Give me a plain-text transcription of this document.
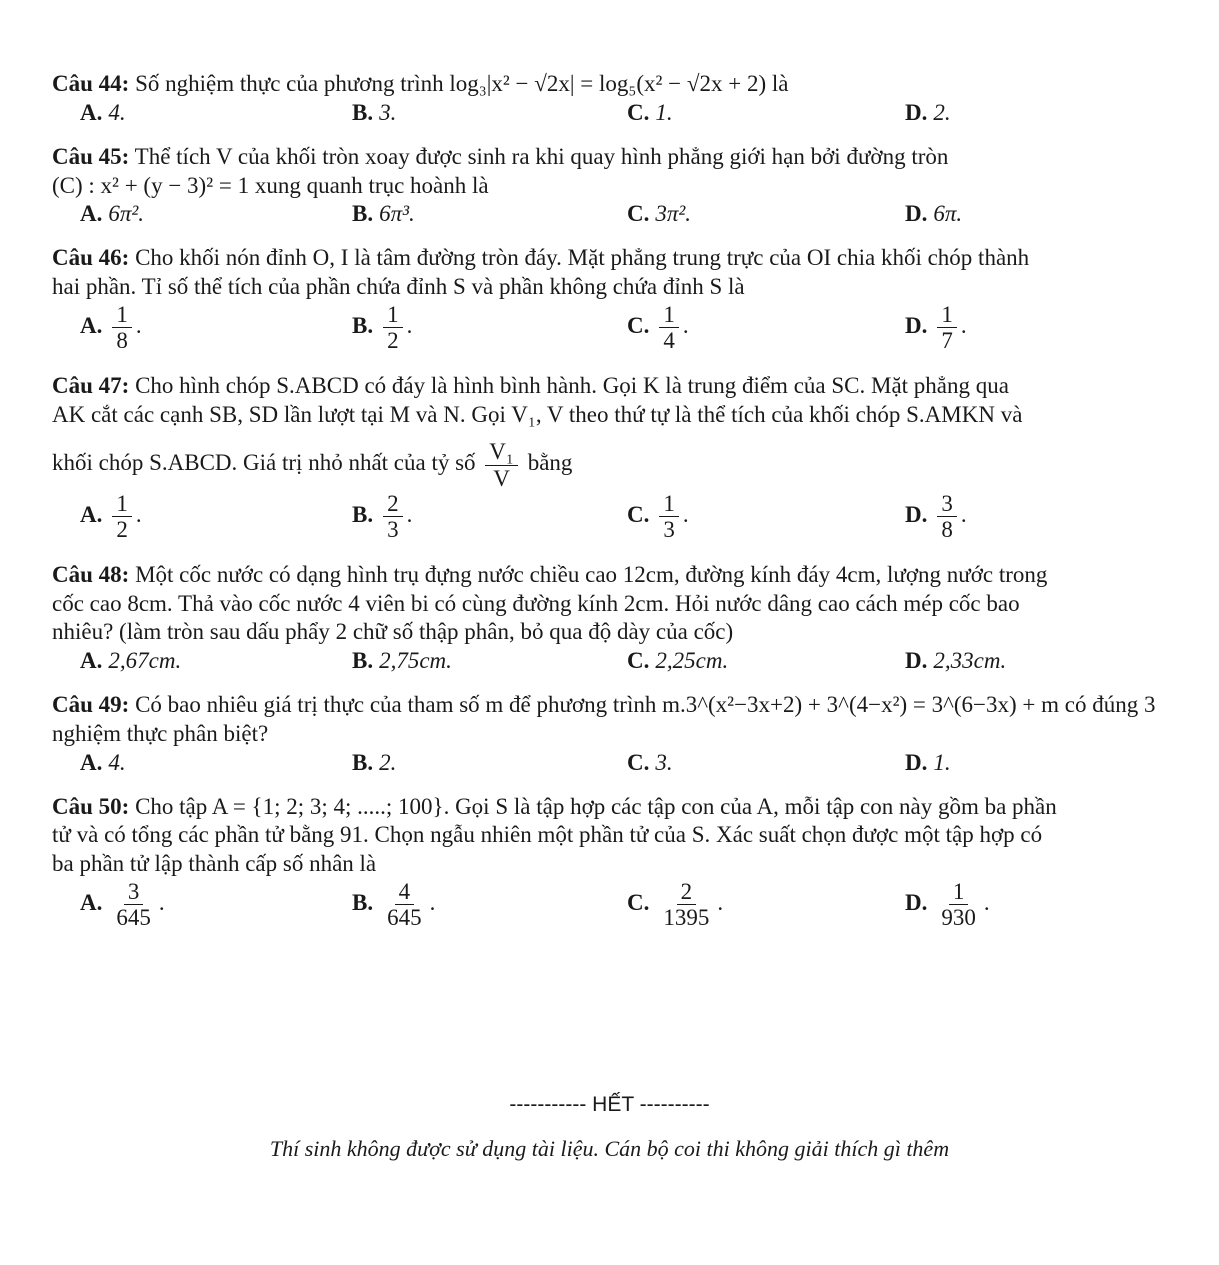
Câu 44: Số nghiệm thực của phương trình log₃|x² − √2x| = log₅(x² − √2x + 2) là
A. 4.	B. 3.	C. 1.	D. 2.
Câu 45: Thể tích V của khối tròn xoay được sinh ra khi quay hình phẳng giới hạn bởi đường tròn
(C) : x² + (y − 3)² = 1 xung quanh trục hoành là
A. 6π².	B. 6π³.	C. 3π².	D. 6π.
Câu 46: Cho khối nón đỉnh O, I là tâm đường tròn đáy. Mặt phẳng trung trực của OI chia khối chóp thành
hai phần. Tỉ số thể tích của phần chứa đỉnh S và phần không chứa đỉnh S là
A. $\frac{1}{8}$ .	B. $\frac{1}{2}$ .	C. $\frac{1}{4}$ .	D. $\frac{1}{7}$ .
Câu 47: Cho hình chóp S.ABCD có đáy là hình bình hành. Gọi K là trung điểm của SC. Mặt phẳng qua
AK cắt các cạnh SB, SD lần lượt tại M và N. Gọi V₁, V theo thứ tự là thể tích của khối chóp S.AMKN và
khối chóp S.ABCD. Giá trị nhỏ nhất của tỷ số $\frac{\text{V₁}}{V}$ bằng
A. $\frac{1}{2}$ .	B. $\frac{2}{3}$ .	C. $\frac{1}{3}$ .	D. $\frac{3}{8}$ .
Câu 48: Một cốc nước có dạng hình trụ đựng nước chiều cao 12cm, đường kính đáy 4cm, lượng nước trong
cốc cao 8cm. Thả vào cốc nước 4 viên bi có cùng đường kính 2cm. Hỏi nước dâng cao cách mép cốc bao
nhiêu? (làm tròn sau dấu phẩy 2 chữ số thập phân, bỏ qua độ dày của cốc)
A. 2,67cm.	B. 2,75cm.	C. 2,25cm.	D. 2,33cm.
Câu 49: Có bao nhiêu giá trị thực của tham số m để phương trình m.3^(x²−3x+2) + 3^(4−x²) = 3^(6−3x) + m có đúng 3
nghiệm thực phân biệt?
A. 4.	B. 2.	C. 3.	D. 1.
Câu 50: Cho tập A = {1; 2; 3; 4; .....; 100}. Gọi S là tập hợp các tập con của A, mỗi tập con này gồm ba phần
tử và có tổng các phần tử bằng 91. Chọn ngẫu nhiên một phần tử của S. Xác suất chọn được một tập hợp có
ba phần tử lập thành cấp số nhân là
A. $\frac{3}{645}$ .	B. $\frac{4}{645}$ .	C. $\frac{2}{1395}$ .	D. $\frac{1}{930}$ .
----------- HẾT ----------
Thí sinh không được sử dụng tài liệu. Cán bộ coi thi không giải thích gì thêm
